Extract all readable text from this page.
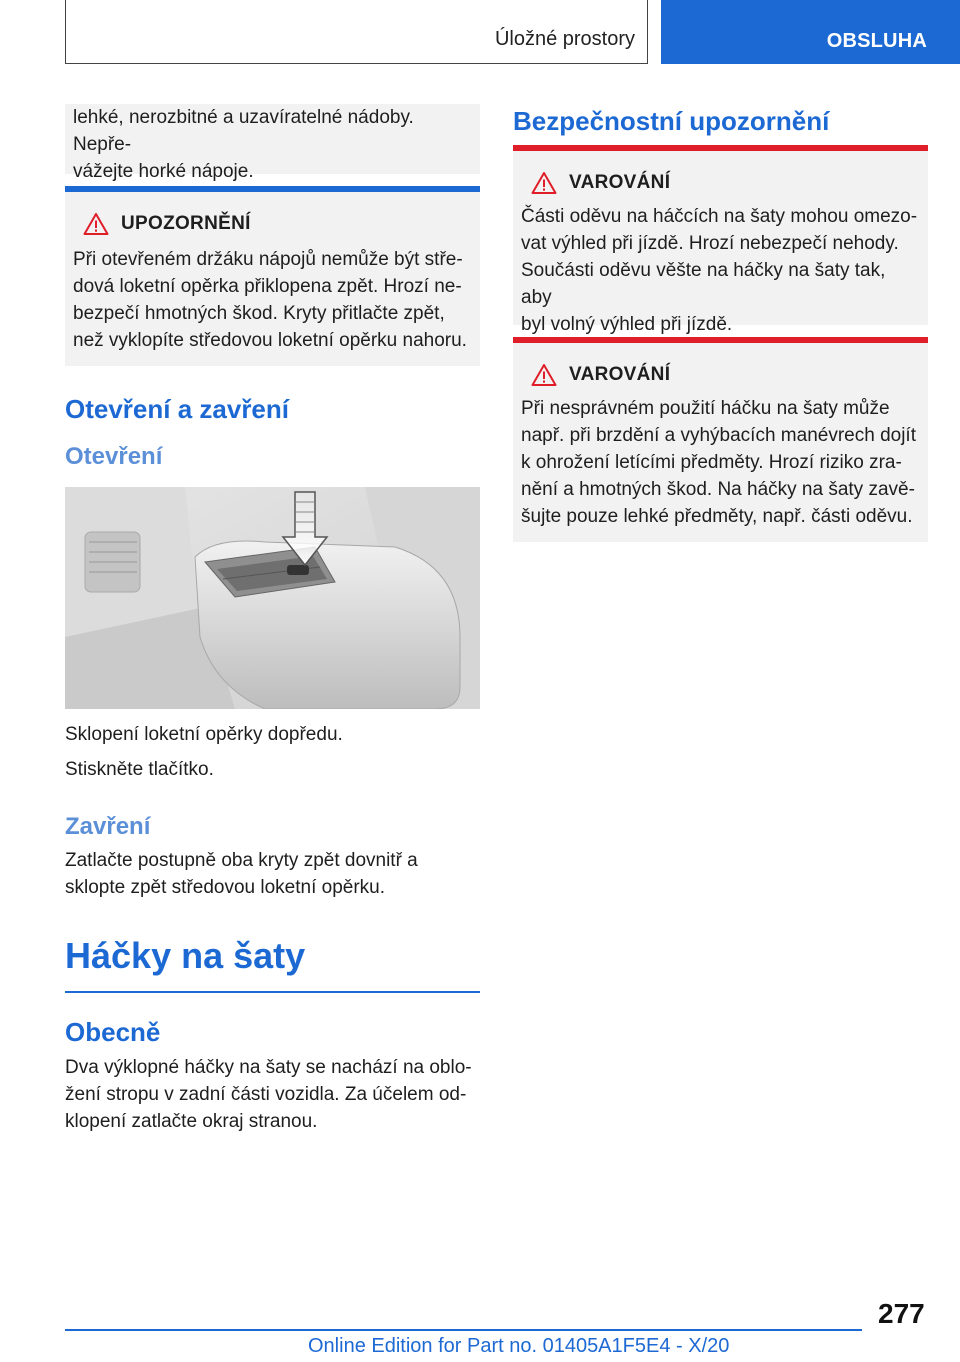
Úložné prostory	OBSLUHA

lehké, nerozbitné a uzavíratelné nádoby. Nepře-

vážejte horké nápoje.

UPOZORNĚNÍ

Při otevřeném držáku nápojů nemůže být stře-

dová loketní opěrka přiklopena zpět. Hrozí ne-

bezpečí hmotných škod. Kryty přitlačte zpět,

než vyklopíte středovou loketní opěrku nahoru.

Otevření a zavření
Otevření

Sklopení loketní opěrky dopředu.

Stiskněte tlačítko.

Zavření

Zatlačte postupně oba kryty zpět dovnitř a

sklopte zpět středovou loketní opěrku.

Háčky na šaty
Obecně

Dva výklopné háčky na šaty se nachází na oblo-

žení stropu v zadní části vozidla. Za účelem od-

klopení zatlačte okraj stranou.

Bezpečnostní upozornění
VAROVÁNÍ

Části oděvu na háčcích na šaty mohou omezo-

vat výhled při jízdě. Hrozí nebezpečí nehody.

Součásti oděvu věšte na háčky na šaty tak, aby

byl volný výhled při jízdě.

VAROVÁNÍ

Při nesprávném použití háčku na šaty může

např. při brzdění a vyhýbacích manévrech dojít

k ohrožení letícími předměty. Hrozí riziko zra-

nění a hmotných škod. Na háčky na šaty zavě-

šujte pouze lehké předměty, např. části oděvu.

277
Online Edition for Part no. 01405A1F5E4 - X/20
